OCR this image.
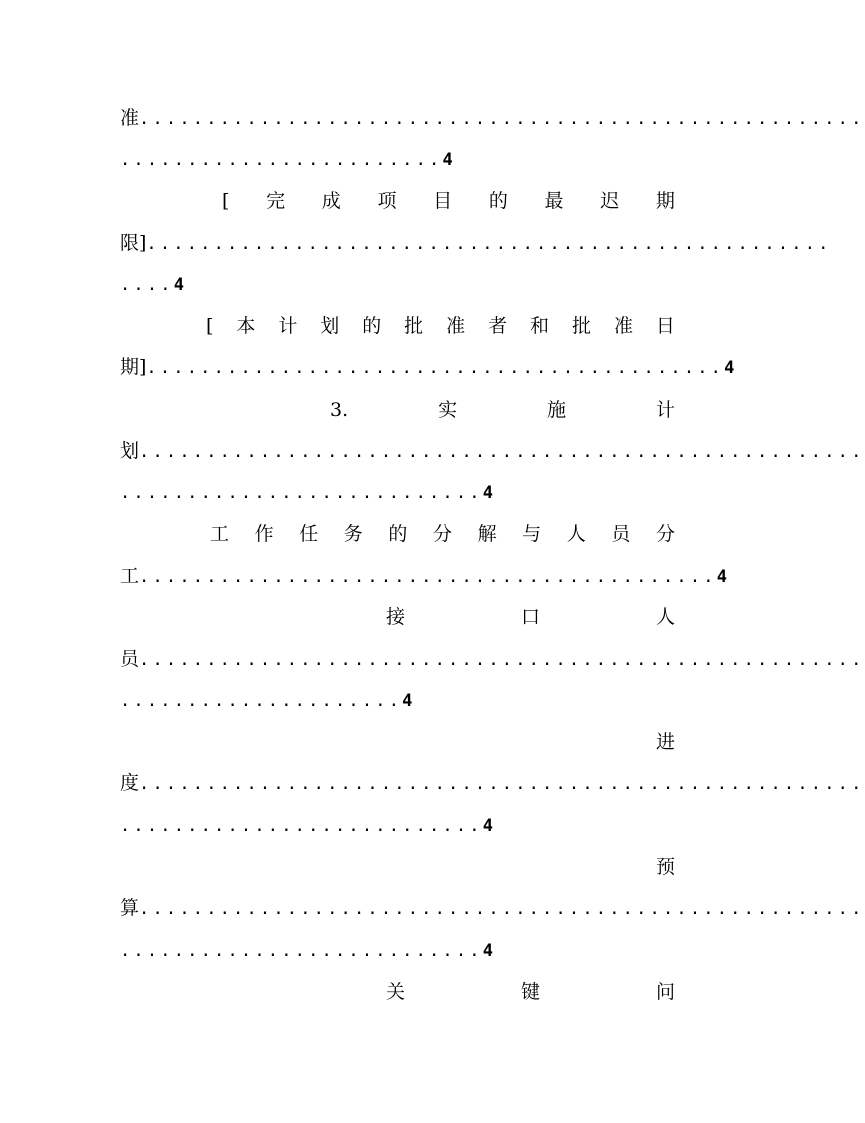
准......................................................
........................4
[ 完 成 项 目 的 最 迟 期
限]...................................................
....4
[ 本 计 划 的 批 准 者 和 批 准 日
期]...........................................4
3.	实	施	计
划......................................................
...........................4
工 作 任 务 的 分 解 与 人 员 分
工...........................................4
接	口	人
员......................................................
.....................4
进
度......................................................
...........................4
预
算......................................................
...........................4
关	键	问
